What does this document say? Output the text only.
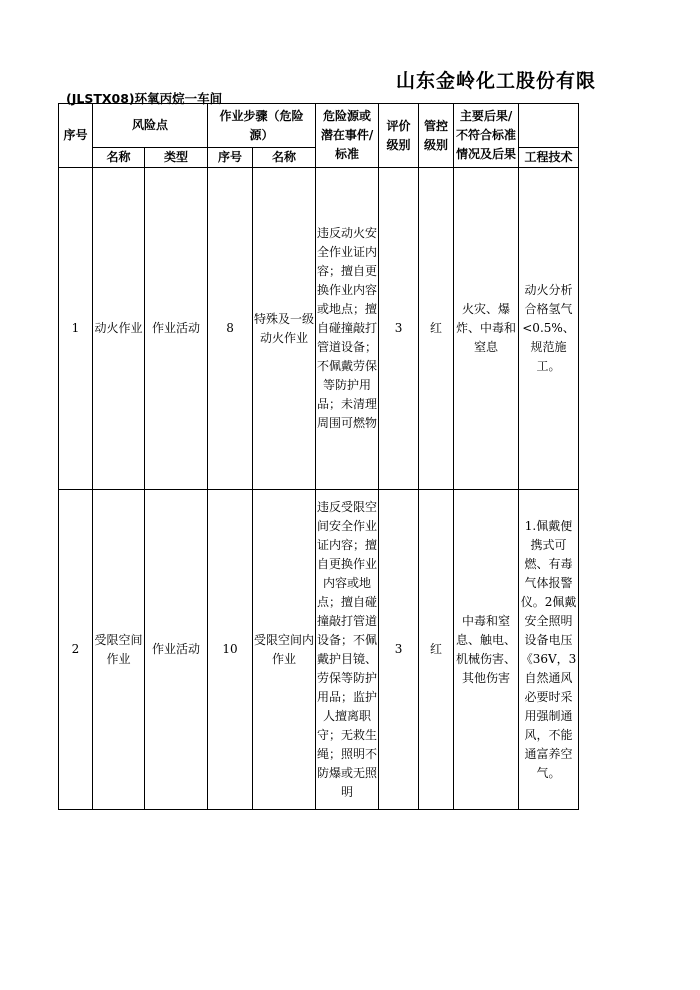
山东金岭化工股份有限
(JLSTX08)环氧丙烷一车间
序号	风险点		作业步骤（危险源）		危险源或潜在事件/标准	评价级别	管控级别	主要后果/不符合标准情况及后果	

	名称	类型	序号	名称					工程技术
1	动火作业	作业活动	8	特殊及一级动火作业	违反动火安全作业证内容；擅自更换作业内容或地点；擅自碰撞敲打管道设备；不佩戴劳保等防护用品；未清理周围可燃物	3	红	火灾、爆炸、中毒和窒息	动火分析合格氢气<0.5%、规范施工。
2	受限空间作业	作业活动	10	受限空间内作业	违反受限空间安全作业证内容；擅自更换作业内容或地点；擅自碰撞敲打管道设备；不佩戴护目镜、劳保等防护用品；监护人擅离职守；无救生绳；照明不防爆或无照明	3	红	中毒和窒息、触电、机械伤害、其他伤害	1.佩戴便携式可燃、有毒气体报警仪。2佩戴安全照明设备电压《36V，3自然通风必要时采用强制通风，不能通富养空气。
